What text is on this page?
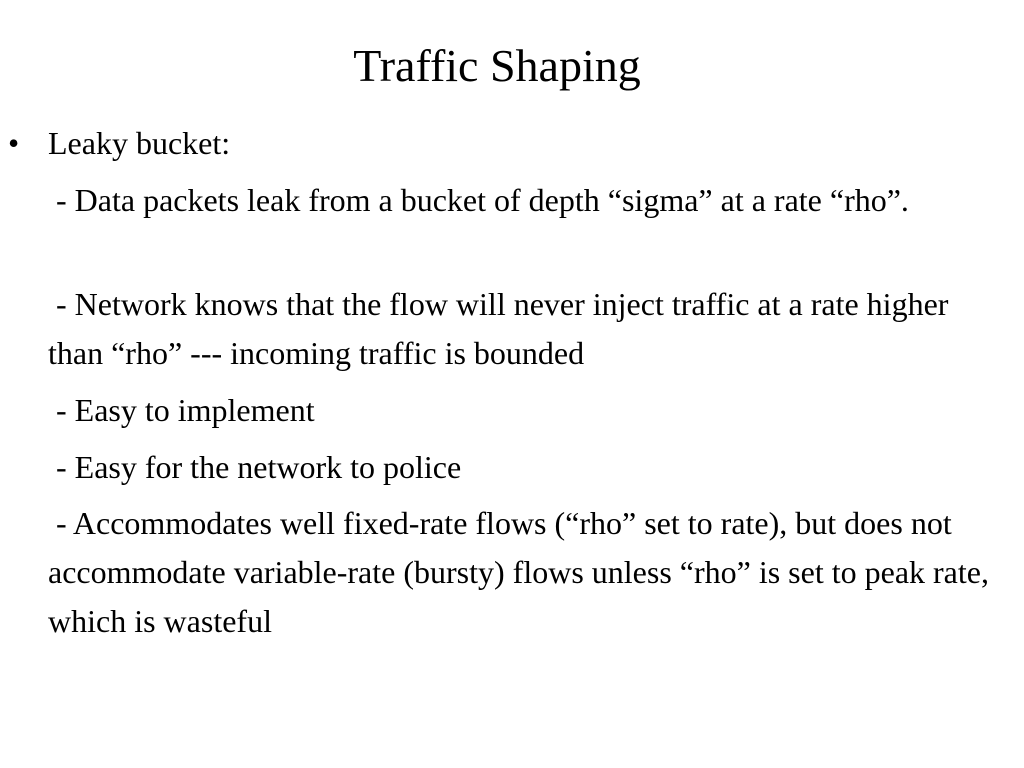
Traffic Shaping
• Leaky bucket:

- Data packets leak from a bucket of depth “sigma” at a rate “rho”.

- Network knows that the flow will never inject traffic at a rate higher than “rho” --- incoming traffic is bounded

- Easy to implement

- Easy for the network to police

- Accommodates well fixed-rate flows (“rho” set to rate), but does not accommodate variable-rate (bursty) flows unless “rho” is set to peak rate, which is wasteful
